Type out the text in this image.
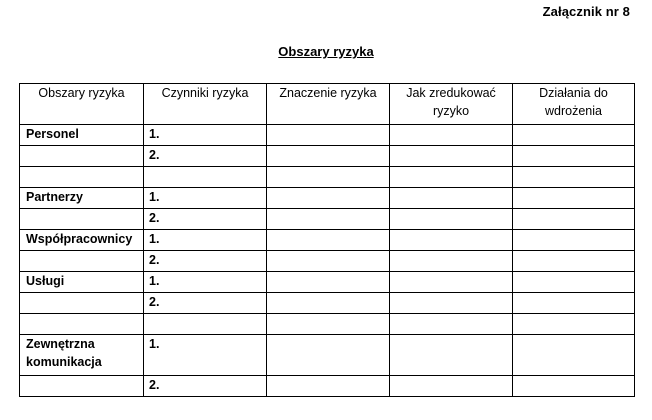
Załącznik nr 8
Obszary ryzyka
Obszary ryzyka	Czynniki ryzyka	Znaczenie ryzyka	Jak zredukować ryzyko	Działania do wdrożenia
Personel	1.			
	2.			

Partnerzy	1.			
	2.			
Współpracownicy	1.			
	2.			
Usługi	1.			
	2.			

Zewnętrzna komunikacja	1.			
	2.			
